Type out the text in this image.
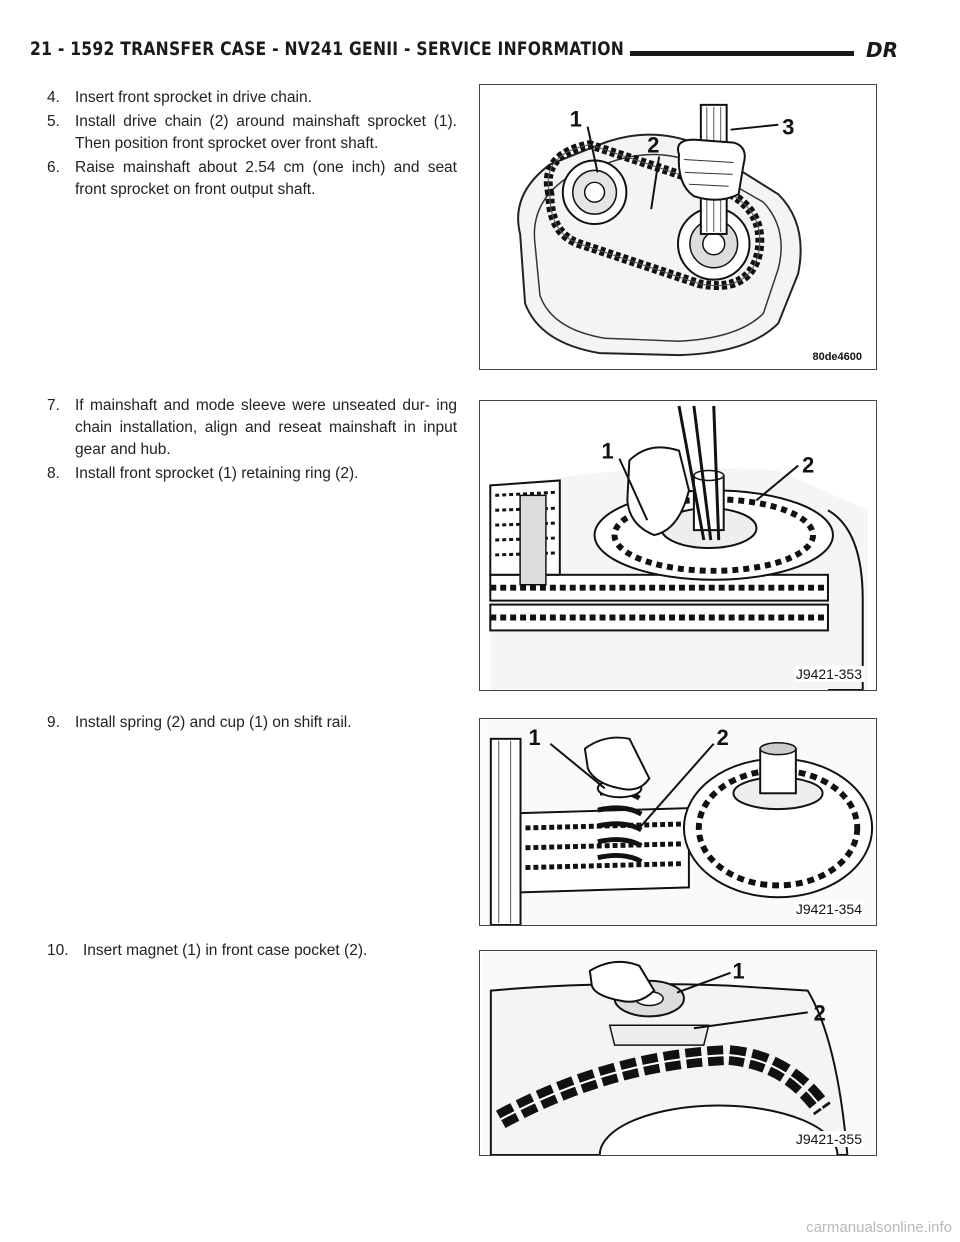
21 - 1592 TRANSFER CASE - NV241 GENII - SERVICE INFORMATION	DR
4. Insert front sprocket in drive chain.
5. Install drive chain (2) around mainshaft sprocket (1). Then position front sprocket over front shaft.
6. Raise mainshaft about 2.54 cm (one inch) and seat front sprocket on front output shaft.
7. If mainshaft and mode sleeve were unseated dur- ing chain installation, align and reseat mainshaft in input gear and hub.
8. Install front sprocket (1) retaining ring (2).
9. Install spring (2) and cup (1) on shift rail.
10. Insert magnet (1) in front case pocket (2).
1
2
3
80de4600
1
2
J9421-353
1	2
J9421-354
1
2
J9421-355
carmanualsonline.info
